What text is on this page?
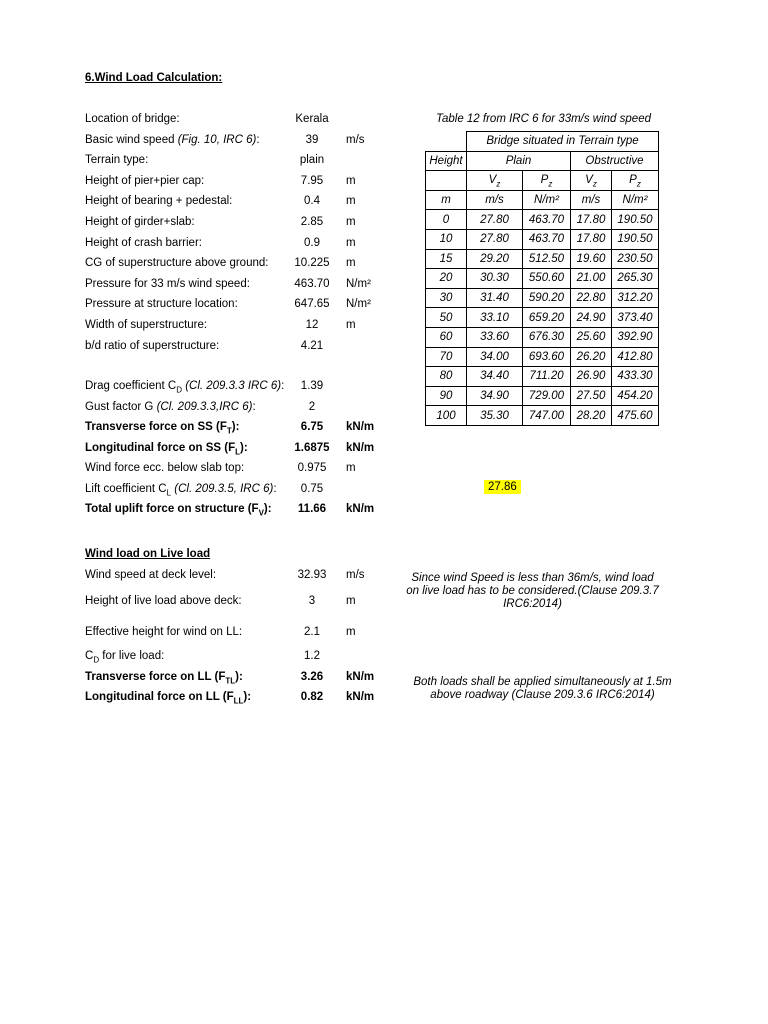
6.Wind Load Calculation:
Location of bridge:	Kerala
Basic wind speed (Fig. 10, IRC 6):	39	m/s
Terrain type:	plain
Height of pier+pier cap:	7.95	m
Height of bearing + pedestal:	0.4	m
Height of girder+slab:	2.85	m
Height of crash barrier:	0.9	m
CG of superstructure above ground:	10.225	m
Pressure for 33 m/s wind speed:	463.70	N/m²
Pressure at structure location:	647.65	N/m²
Width of superstructure:	12	m
b/d ratio of superstructure:	4.21
Drag coefficient $C_D$ (Cl. 209.3.3 IRC 6):	1.39
Gust factor G (Cl. 209.3.3,IRC 6):	2
Transverse force on SS $(F_T)$:	6.75	kN/m
Longitudinal force on SS $(F_L)$:	1.6875	kN/m
Wind force ecc. below slab top:	0.975	m
Lift coefficient $C_L$ (Cl. 209.3.5, IRC 6):	0.75
Total uplift force on structure $(F_V)$:	11.66	kN/m
Wind load on Live load
Wind speed at deck level:	32.93	m/s
Height of live load above deck:	3	m
Effective height for wind on LL:	2.1	m
$C_D$ for live load:	1.2
Transverse force on LL $(F_{TL})$:	3.26	kN/m
Longitudinal force on LL $(F_{LL})$:	0.82	kN/m
Table 12 from IRC 6 for 33m/s wind speed
	Bridge situated in Terrain type			
Height	Plain		Obstructive	
	$V_z$	$P_z$	$V_z$	$P_z$
m	m/s	N/m²	m/s	N/m²
0	27.80	463.70	17.80	190.50
10	27.80	463.70	17.80	190.50
15	29.20	512.50	19.60	230.50
20	30.30	550.60	21.00	265.30
30	31.40	590.20	22.80	312.20
50	33.10	659.20	24.90	373.40
60	33.60	676.30	25.60	392.90
70	34.00	693.60	26.20	412.80
80	34.40	711.20	26.90	433.30
90	34.90	729.00	27.50	454.20
100	35.30	747.00	28.20	475.60
27.86
Since wind Speed is less than 36m/s, wind load on live load has to be considered.(Clause 209.3.7 IRC6:2014)
Both loads shall be applied simultaneously at 1.5m above roadway (Clause 209.3.6 IRC6:2014)
